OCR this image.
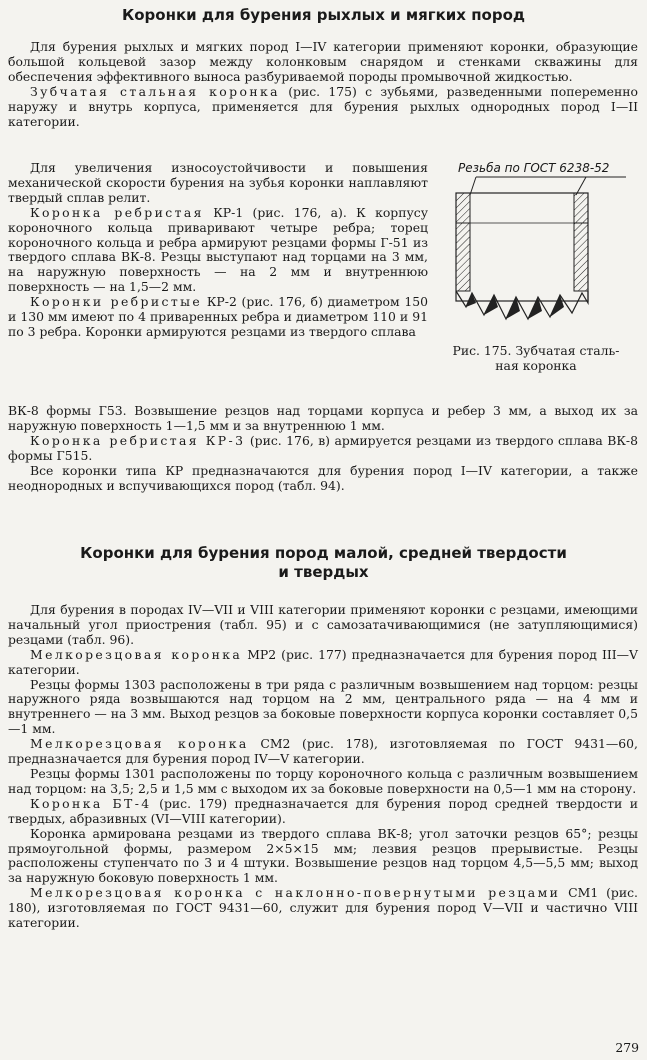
Коронки для бурения рыхлых и мягких пород

Для бурения рыхлых и мягких пород I—IV категории применяют коронки, образующие большой кольцевой зазор между колонковым снарядом и стенками скважины для обеспечения эффективного выноса разбуриваемой породы промывочной жидкостью.

Зубчатая стальная коронка (рис. 175) с зубьями, разведенными попеременно наружу и внутрь корпуса, применяется для бурения рыхлых однородных пород I—II категории.

Для увеличения износоустойчивости и повышения механической скорости бурения на зубья коронки наплавляют твердый сплав релит.

Коронка ребристая КР-1 (рис. 176, а). К корпусу короночного кольца приваривают четыре ребра; торец короночного кольца и ребра армируют резцами формы Г-51 из твердого сплава ВК-8. Резцы выступают над торцами на 3 мм, на наружную поверхность — на 2 мм и внутреннюю поверхность — на 1,5—2 мм.

Коронки ребристые КР-2 (рис. 176, б) диаметром 150 и 130 мм имеют по 4 приваренных ребра и диаметром 110 и 91 по 3 ребра. Коронки армируются резцами из твердого сплава

Резьба по ГОСТ 6238-52
Рис. 175. Зубчатая сталь-
ная коронка

ВК-8 формы Г53. Возвышение резцов над торцами корпуса и ребер 3 мм, а выход их за наружную поверхность 1—1,5 мм и за внутреннюю 1 мм.

Коронка ребристая КР-3 (рис. 176, в) армируется резцами из твердого сплава ВК-8 формы Г515.

Все коронки типа КР предназначаются для бурения пород I—IV категории, а также неоднородных и вспучивающихся пород (табл. 94).

Коронки для бурения пород малой, средней твердости
и твердых

Для бурения в породах IV—VII и VIII категории применяют коронки с резцами, имеющими начальный угол приострения (табл. 95) и с самозатачивающимися (не затупляющимися) резцами (табл. 96).

Мелкорезцовая коронка МР2 (рис. 177) предназначается для бурения пород III—V категории.

Резцы формы 1303 расположены в три ряда с различным возвышением над торцом: резцы наружного ряда возвышаются над торцом на 2 мм, центрального ряда — на 4 мм и внутреннего — на 3 мм. Выход резцов за боковые поверхности корпуса коронки составляет 0,5—1 мм.

Мелкорезцовая коронка СМ2 (рис. 178), изготовляемая по ГОСТ 9431—60, предназначается для бурения пород IV—V категории.

Резцы формы 1301 расположены по торцу короночного кольца с различным возвышением над торцом: на 3,5; 2,5 и 1,5 мм с выходом их за боковые поверхности на 0,5—1 мм на сторону.

Коронка БТ-4 (рис. 179) предназначается для бурения пород средней твердости и твердых, абразивных (VI—VIII категории).

Коронка армирована резцами из твердого сплава ВК-8; угол заточки резцов 65°; резцы прямоугольной формы, размером 2×5×15 мм; лезвия резцов прерывистые. Резцы расположены ступенчато по 3 и 4 штуки. Возвышение резцов над торцом 4,5—5,5 мм; выход за наружную боковую поверхность 1 мм.

Мелкорезцовая коронка с наклонно-повернутыми резцами СМ1 (рис. 180), изготовляемая по ГОСТ 9431—60, служит для бурения пород V—VII и частично VIII категории.

279
